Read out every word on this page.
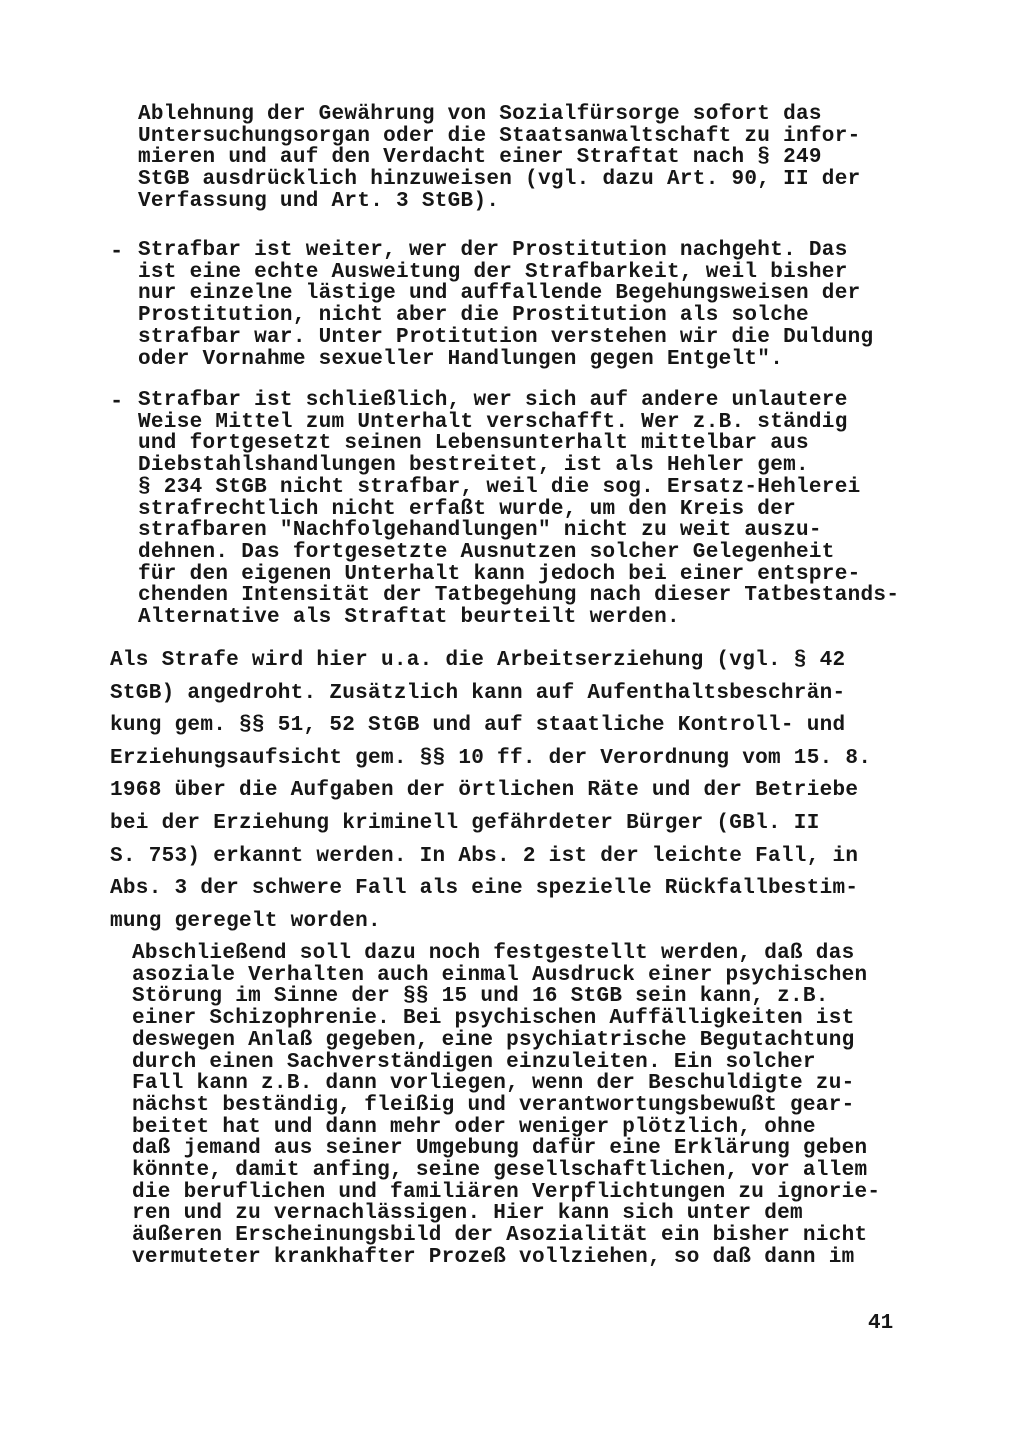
Ablehnung der Gewährung von Sozialfürsorge sofort das
Untersuchungsorgan oder die Staatsanwaltschaft zu infor-
mieren und auf den Verdacht einer Straftat nach § 249
StGB ausdrücklich hinzuweisen (vgl. dazu Art. 90, II der
Verfassung und Art. 3 StGB).
- Strafbar ist weiter, wer der Prostitution nachgeht. Das
ist eine echte Ausweitung der Strafbarkeit, weil bisher
nur einzelne lästige und auffallende Begehungsweisen der
Prostitution, nicht aber die Prostitution als solche
strafbar war. Unter Protitution verstehen wir die Duldung
oder Vornahme sexueller Handlungen gegen Entgelt".
- Strafbar ist schließlich, wer sich auf andere unlautere
Weise Mittel zum Unterhalt verschafft. Wer z.B. ständig
und fortgesetzt seinen Lebensunterhalt mittelbar aus
Diebstahlshandlungen bestreitet, ist als Hehler gem.
§ 234 StGB nicht strafbar, weil die sog. Ersatz-Hehlerei
strafrechtlich nicht erfaßt wurde, um den Kreis der
strafbaren "Nachfolgehandlungen" nicht zu weit auszu-
dehnen. Das fortgesetzte Ausnutzen solcher Gelegenheit
für den eigenen Unterhalt kann jedoch bei einer entspre-
chenden Intensität der Tatbegehung nach dieser Tatbestands-
Alternative als Straftat beurteilt werden.
Als Strafe wird hier u.a. die Arbeitserziehung (vgl. § 42
StGB) angedroht. Zusätzlich kann auf Aufenthaltsbeschrän-
kung gem. §§ 51, 52 StGB und auf staatliche Kontroll- und
Erziehungsaufsicht gem. §§ 10 ff. der Verordnung vom 15. 8.
1968 über die Aufgaben der örtlichen Räte und der Betriebe
bei der Erziehung kriminell gefährdeter Bürger (GBl. II
S. 753) erkannt werden. In Abs. 2 ist der leichte Fall, in
Abs. 3 der schwere Fall als eine spezielle Rückfallbestim-
mung geregelt worden.
Abschließend soll dazu noch festgestellt werden, daß das
asoziale Verhalten auch einmal Ausdruck einer psychischen
Störung im Sinne der §§ 15 und 16 StGB sein kann, z.B.
einer Schizophrenie. Bei psychischen Auffälligkeiten ist
deswegen Anlaß gegeben, eine psychiatrische Begutachtung
durch einen Sachverständigen einzuleiten. Ein solcher
Fall kann z.B. dann vorliegen, wenn der Beschuldigte zu-
nächst beständig, fleißig und verantwortungsbewußt gear-
beitet hat und dann mehr oder weniger plötzlich, ohne
daß jemand aus seiner Umgebung dafür eine Erklärung geben
könnte, damit anfing, seine gesellschaftlichen, vor allem
die beruflichen und familiären Verpflichtungen zu ignorie-
ren und zu vernachlässigen. Hier kann sich unter dem
äußeren Erscheinungsbild der Asozialität ein bisher nicht
vermuteter krankhafter Prozeß vollziehen, so daß dann im

41
